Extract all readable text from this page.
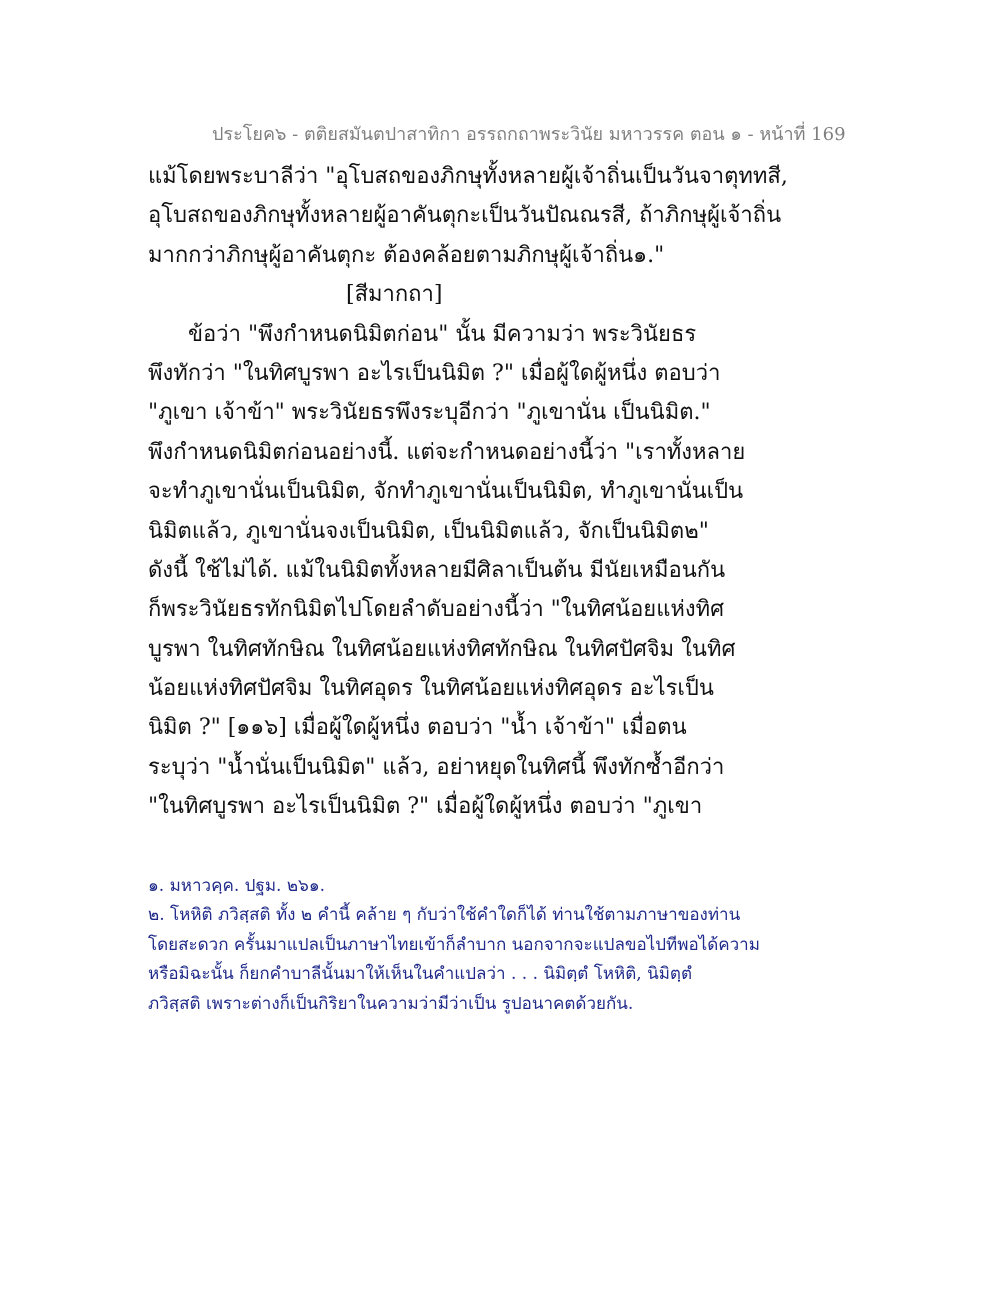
ประโยค๖ - ตติยสมันตปาสาทิกา อรรถกถาพระวินัย มหาวรรค ตอน ๑ - หน้าที่ 169
แม้โดยพระบาลีว่า "อุโบสถของภิกษุทั้งหลายผู้เจ้าถิ่นเป็นวันจาตุททสี,
อุโบสถของภิกษุทั้งหลายผู้อาคันตุกะเป็นวันปัณณรสี, ถ้าภิกษุผู้เจ้าถิ่น
มากกว่าภิกษุผู้อาคันตุกะ ต้องคล้อยตามภิกษุผู้เจ้าถิ่น๑."
[สีมากถา]
ข้อว่า "พึงกำหนดนิมิตก่อน" นั้น มีความว่า พระวินัยธร
พึงทักว่า "ในทิศบูรพา อะไรเป็นนิมิต ?" เมื่อผู้ใดผู้หนึ่ง ตอบว่า
"ภูเขา เจ้าข้า" พระวินัยธรพึงระบุอีกว่า "ภูเขานั่น เป็นนิมิต."
พึงกำหนดนิมิตก่อนอย่างนี้. แต่จะกำหนดอย่างนี้ว่า "เราทั้งหลาย
จะทำภูเขานั่นเป็นนิมิต, จักทำภูเขานั่นเป็นนิมิต, ทำภูเขานั่นเป็น
นิมิตแล้ว, ภูเขานั่นจงเป็นนิมิต, เป็นนิมิตแล้ว, จักเป็นนิมิต๒"
ดังนี้ ใช้ไม่ได้. แม้ในนิมิตทั้งหลายมีศิลาเป็นต้น มีนัยเหมือนกัน
ก็พระวินัยธรทักนิมิตไปโดยลำดับอย่างนี้ว่า "ในทิศน้อยแห่งทิศ
บูรพา ในทิศทักษิณ ในทิศน้อยแห่งทิศทักษิณ ในทิศปัศจิม ในทิศ
น้อยแห่งทิศปัศจิม ในทิศอุดร ในทิศน้อยแห่งทิศอุดร อะไรเป็น
นิมิต ?" [๑๑๖] เมื่อผู้ใดผู้หนึ่ง ตอบว่า "น้ำ เจ้าข้า" เมื่อตน
ระบุว่า "น้ำนั่นเป็นนิมิต" แล้ว, อย่าหยุดในทิศนี้ พึงทักซ้ำอีกว่า
"ในทิศบูรพา อะไรเป็นนิมิต ?" เมื่อผู้ใดผู้หนึ่ง ตอบว่า "ภูเขา
๑. มหาวคฺค. ปฐม. ๒๖๑.
๒. โหหิติ ภวิสฺสติ ทั้ง ๒ คำนี้ คล้าย ๆ กับว่าใช้คำใดก็ได้ ท่านใช้ตามภาษาของท่าน
โดยสะดวก ครั้นมาแปลเป็นภาษาไทยเข้าก็ลำบาก นอกจากจะแปลขอไปทีพอได้ความ
หรือมิฉะนั้น ก็ยกคำบาลีนั้นมาให้เห็นในคำแปลว่า . . . นิมิตฺตํ โหหิติ, นิมิตฺตํ
ภวิสฺสติ เพราะต่างก็เป็นกิริยาในความว่ามีว่าเป็น รูปอนาคตด้วยกัน.
